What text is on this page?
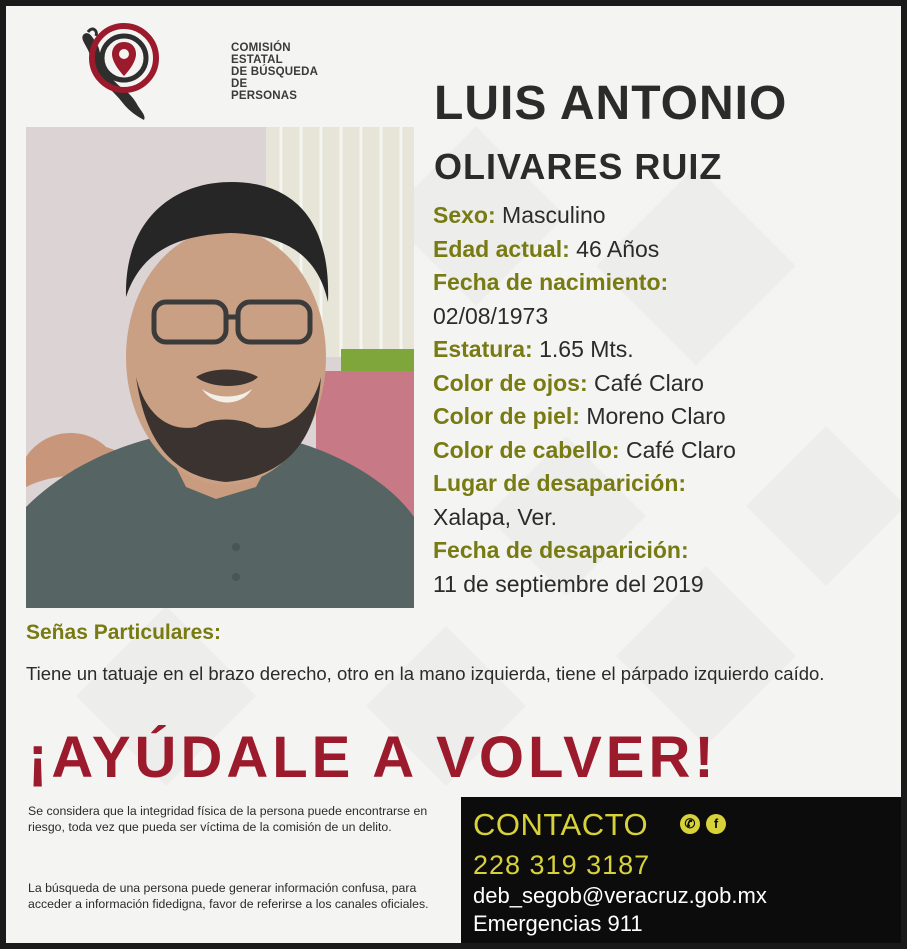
COMISIÓN ESTATAL
DE BÚSQUEDA DE
PERSONAS	LUIS ANTONIO
OLIVARES RUIZ
Sexo: Masculino
Edad actual: 46 Años
Fecha de nacimiento:
02/08/1973
Estatura: 1.65 Mts.
Color de ojos: Café Claro
Color de piel: Moreno Claro
Color de cabello: Café Claro
Lugar de desaparición:
Xalapa, Ver.
Fecha de desaparición:
11 de septiembre del 2019
Señas Particulares:
Tiene un tatuaje en el brazo derecho, otro en la mano izquierda, tiene el párpado izquierdo caído.
¡AYÚDALE A VOLVER!

Se considera que la integridad física de la persona puede encontrarse en riesgo, toda vez que pueda ser víctima de la comisión de un delito.

La búsqueda de una persona puede generar información confusa, para acceder a información fidedigna, favor de referirse a los canales oficiales.

CONTACTO	✆ f
228 319 3187
deb_segob@veracruz.gob.mx
Emergencias 911
